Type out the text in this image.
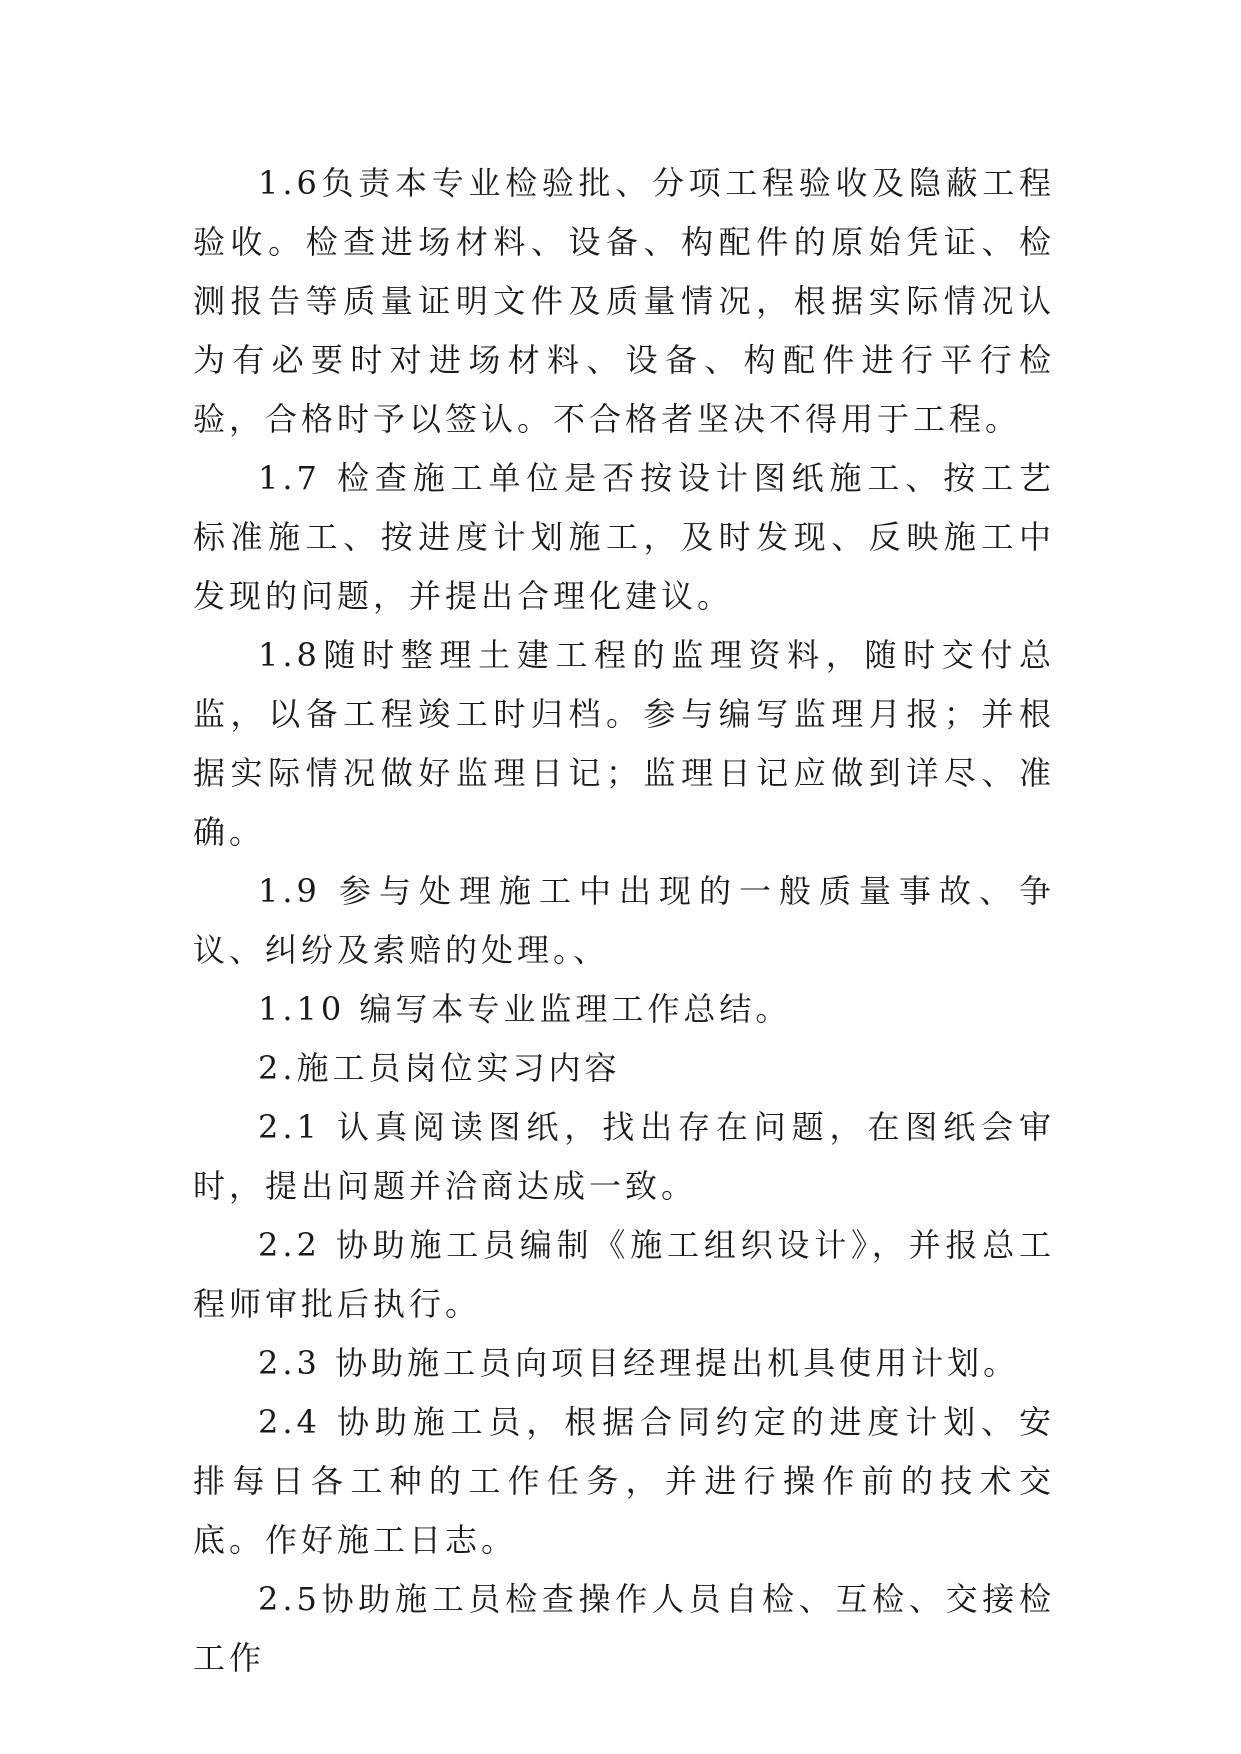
1.6负责本专业检验批、分项工程验收及隐蔽工程验收。检查进场材料、设备、构配件的原始凭证、检测报告等质量证明文件及质量情况，根据实际情况认为有必要时对进场材料、设备、构配件进行平行检验，合格时予以签认。不合格者坚决不得用于工程。

1.7 检查施工单位是否按设计图纸施工、按工艺标准施工、按进度计划施工，及时发现、反映施工中发现的问题，并提出合理化建议。

1.8随时整理土建工程的监理资料，随时交付总监，以备工程竣工时归档。参与编写监理月报；并根据实际情况做好监理日记；监理日记应做到详尽、准确。

1.9 参与处理施工中出现的一般质量事故、争议、纠纷及索赔的处理。、

1.10 编写本专业监理工作总结。

2.施工员岗位实习内容

2.1 认真阅读图纸，找出存在问题，在图纸会审时，提出问题并洽商达成一致。

2.2 协助施工员编制《施工组织设计》，并报总工程师审批后执行。

2.3 协助施工员向项目经理提出机具使用计划。

2.4 协助施工员，根据合同约定的进度计划、安排每日各工种的工作任务，并进行操作前的技术交底。作好施工日志。

2.5协助施工员检查操作人员自检、互检、交接检工作
